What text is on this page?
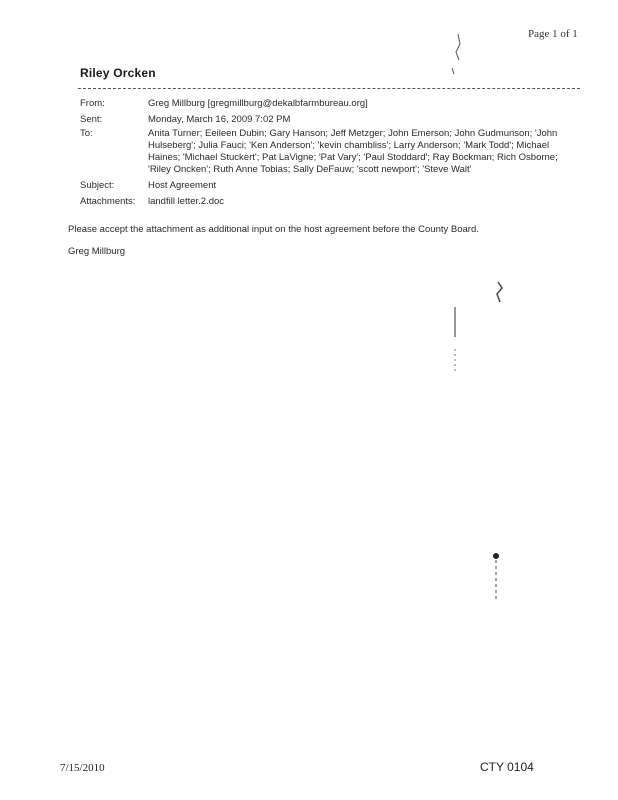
Page 1 of 1
Riley Orcken
From:	Greg Millburg [gregmillburg@dekalbfarmbureau.org]
Sent:	Monday, March 16, 2009 7:02 PM
To:	Anita Turner; Eeileen Dubin; Gary Hanson; Jeff Metzger; John Emerson; John Gudmunson; 'John Hulseberg'; Julia Fauci; 'Ken Anderson'; 'kevin chambliss'; Larry Anderson; 'Mark Todd'; Michael Haines; 'Michael Stuckert'; Pat LaVigne; 'Pat Vary'; 'Paul Stoddard'; Ray Bockman; Rich Osborne; 'Riley Oncken'; Ruth Anne Tobias; Sally DeFauw; 'scott newport'; 'Steve Walt'
Subject:	Host Agreement
Attachments:	landfill letter.2.doc
Please accept the attachment as additional input on the host agreement before the County Board.
Greg Millburg
7/15/2010	CTY 0104
